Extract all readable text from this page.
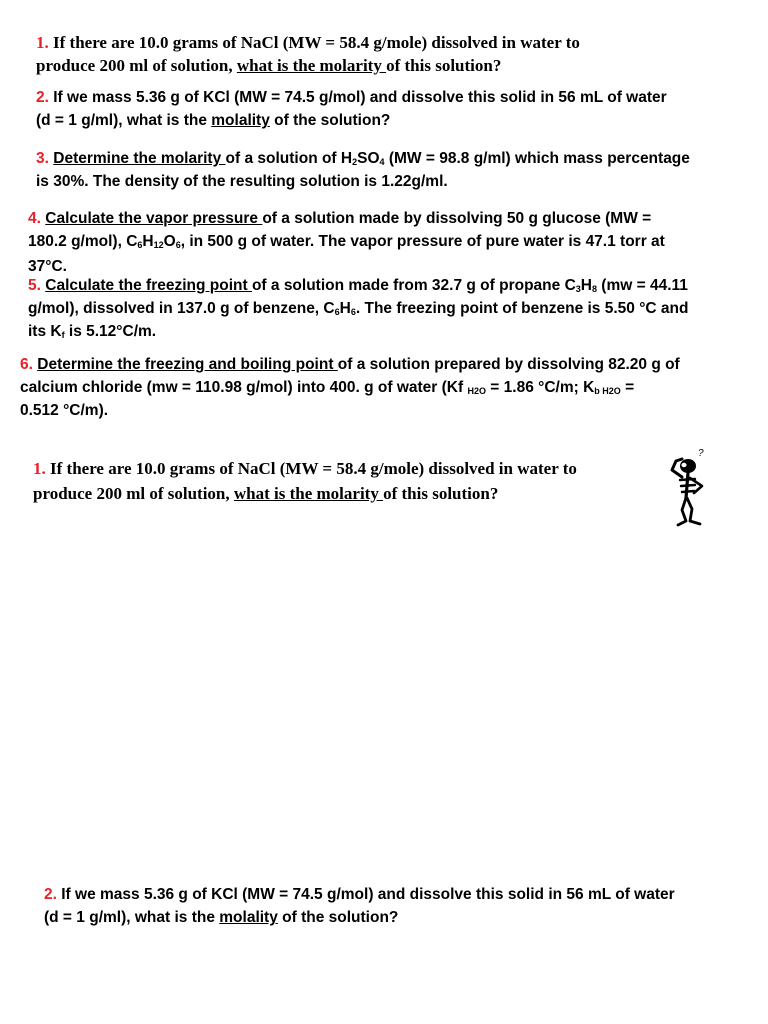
1. If there are 10.0 grams of NaCl (MW = 58.4 g/mole) dissolved in water to
produce 200 ml of solution, what is the molarity of this solution?
2. If we mass 5.36 g of KCl (MW = 74.5 g/mol) and dissolve this solid in 56 mL of water
(d = 1 g/ml), what is the molality of the solution?
3. Determine the molarity of a solution of $H_2SO_4$ (MW = 98.8 g/ml) which mass percentage
is 30%. The density of the resulting solution is 1.22g/ml.
4. Calculate the vapor pressure of a solution made by dissolving 50 g glucose (MW =
180.2 g/mol), $C_6H_{12}O_6$, in 500 g of water. The vapor pressure of pure water is 47.1 torr at
37°C.
5. Calculate the freezing point of a solution made from 32.7 g of propane $C_3H_8$ (mw = 44.11
g/mol), dissolved in 137.0 g of benzene, $C_6H_6$. The freezing point of benzene is 5.50 °C and
its $K_f$ is 5.12°C/m.
6. Determine the freezing and boiling point of a solution prepared by dissolving 82.20 g of
calcium chloride (mw = 110.98 g/mol) into 400. g of water (Kf $_{H2O}$ = 1.86 °C/m; $K_{b H2O}$ =
0.512 °C/m).
1. If there are 10.0 grams of NaCl (MW = 58.4 g/mole) dissolved in water to
produce 200 ml of solution, what is the molarity of this solution?
?
2. If we mass 5.36 g of KCl (MW = 74.5 g/mol) and dissolve this solid in 56 mL of water
(d = 1 g/ml), what is the molality of the solution?
